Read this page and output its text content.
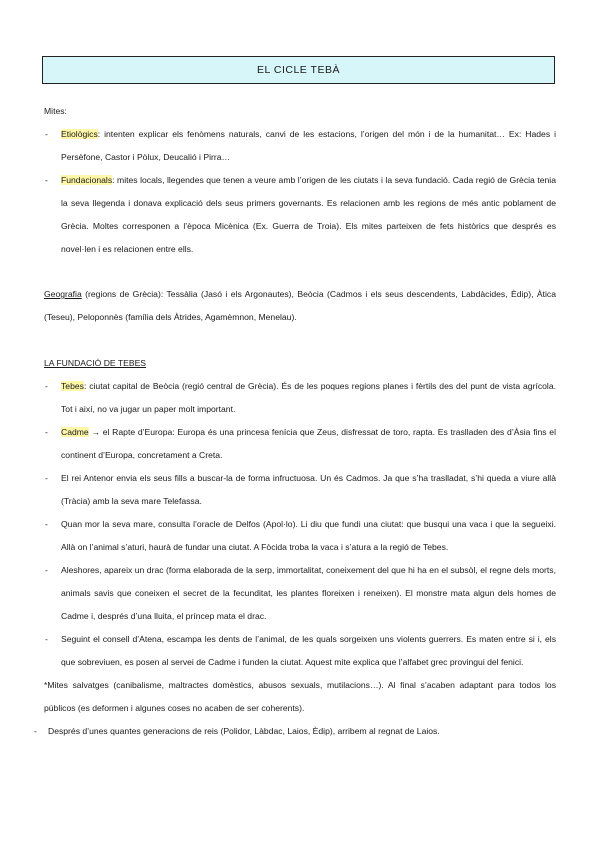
EL CICLE TEBÀ

Mites:

- Etiològics: intenten explicar els fenòmens naturals, canvi de les estacions, l’origen del món i de la humanitat… Ex: Hades i Persèfone, Castor i Pòlux, Deucalió i Pirra…
- Fundacionals: mites locals, llegendes que tenen a veure amb l’origen de les ciutats i la seva fundació. Cada regió de Grècia tenia la seva llegenda i donava explicació dels seus primers governants. Es relacionen amb les regions de més antic poblament de Grècia. Moltes corresponen a l’època Micènica (Ex. Guerra de Troia). Els mites parteixen de fets històrics que després es novel·len i es relacionen entre ells.

Geografia (regions de Grècia): Tessàlia (Jasó i els Argonautes), Beòcia (Cadmos i els seus descendents, Labdàcides, Èdip), Àtica (Teseu), Peloponnès (família dels Àtrides, Agamèmnon, Menelau).

LA FUNDACIÓ DE TEBES

- Tebes: ciutat capital de Beòcia (regió central de Grècia). És de les poques regions planes i fèrtils des del punt de vista agrícola. Tot i així, no va jugar un paper molt important.
- Cadme → el Rapte d’Europa: Europa és una princesa fenícia que Zeus, disfressat de toro, rapta. Es traslladen des d’Àsia fins el continent d’Europa, concretament a Creta.
- El rei Antenor envia els seus fills a buscar-la de forma infructuosa. Un és Cadmos. Ja que s’ha traslladat, s’hi queda a viure allà (Tràcia) amb la seva mare Telefassa.
- Quan mor la seva mare, consulta l’oracle de Delfos (Apol·lo). Li diu que fundi una ciutat: que busqui una vaca i que la segueixi. Allà on l’animal s’aturi, haurà de fundar una ciutat. A Fòcida troba la vaca i s’atura a la regió de Tebes.
- Aleshores, apareix un drac (forma elaborada de la serp, immortalitat, coneixement del que hi ha en el subsòl, el regne dels morts, animals savis que coneixen el secret de la fecunditat, les plantes floreixen i reneixen). El monstre mata algun dels homes de Cadme i, després d’una lluita, el príncep mata el drac.
- Seguint el consell d’Atena, escampa les dents de l’animal, de les quals sorgeixen uns violents guerrers. Es maten entre si i, els que sobreviuen, es posen al servei de Cadme i funden la ciutat. Aquest mite explica que l’alfabet grec provingui del fenici.

*Mites salvatges (canibalisme, maltractes domèstics, abusos sexuals, mutilacions…). Al final s’acaben adaptant para todos los públicos (es deformen i algunes coses no acaben de ser coherents).

- Després d’unes quantes generacions de reis (Polidor, Làbdac, Laios, Èdip), arribem al regnat de Laios.
